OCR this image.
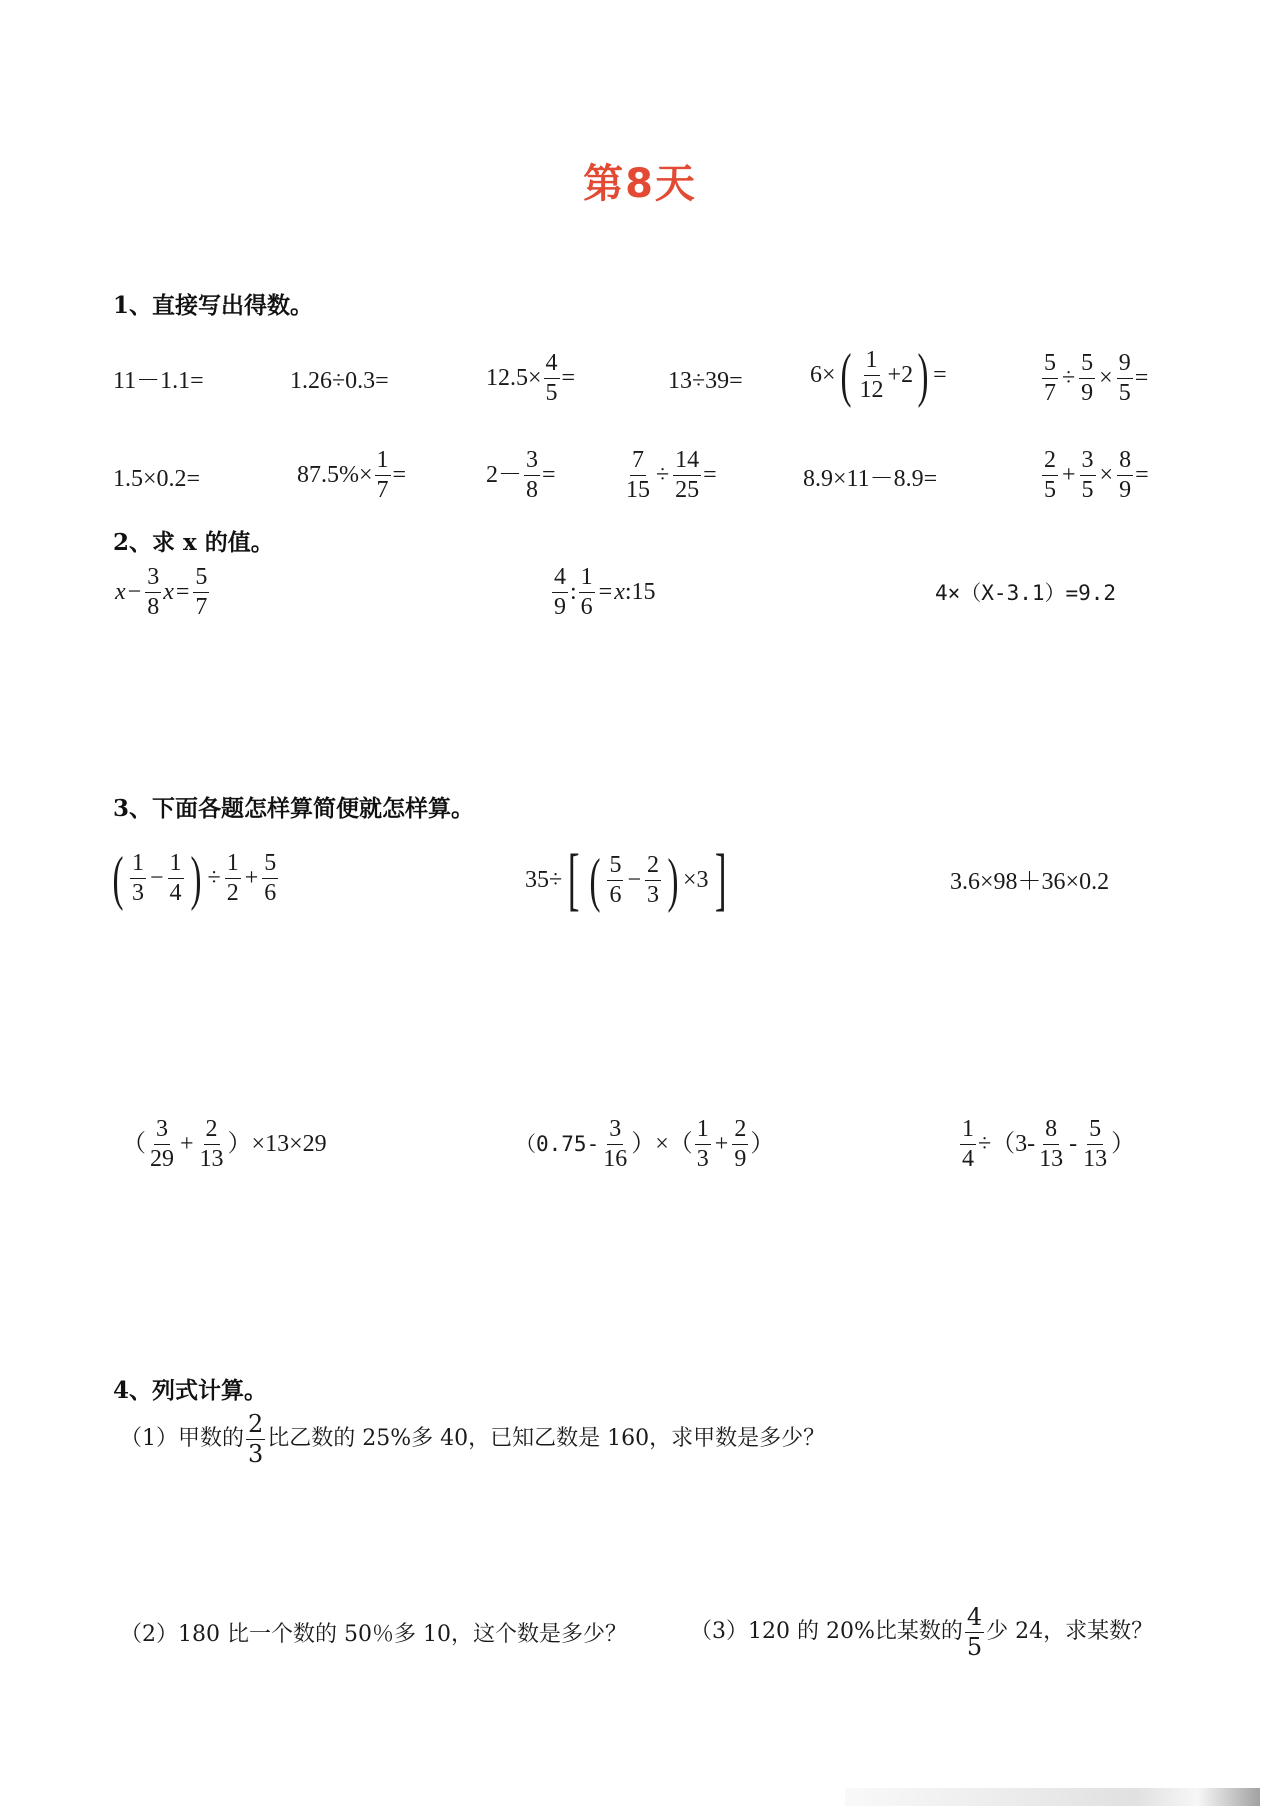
第8天
1、直接写出得数。
11－1.1=	1.26÷0.3=	$12.5\times \frac{4}{5}$ =	13÷39=	6× ( $\frac{1}{12} +2$ ) =	$\frac{5}{7} \div \frac{5}{9} \times \frac{9}{5}$ =
1.5×0.2=	$87.5\%\times \frac{1}{7}$ =	$2- \frac{3}{8}$ =	$\frac{7}{15} \div \frac{14}{25}$ =	8.9×11－8.9=	$\frac{2}{5} + \frac{3}{5} \times \frac{8}{9}$ =
2、求 x 的值。
$x - \frac{3}{8}$ $x = \frac{5}{7}$	$\frac{4}{9}$ : $\frac{1}{6} = x$ :15	4×（X-3.1）=9.2
3、下面各题怎样算简便就怎样算。
( $\frac{1}{3} - \frac{1}{4}$ ) ÷ $\frac{1}{2} + \frac{5}{6}$	35÷ [ ( $\frac{5}{6} - \frac{2}{3}$ ) ×3 ]	3.6×98＋36×0.2
（ $\frac{3}{29} + \frac{2}{13}$ ） ×13×29	（$0.75- \frac{3}{16}$ ）×（ $\frac{1}{3} + \frac{2}{9}$ ）	$\frac{1}{4} \div(3- \frac{8}{13} - \frac{5}{13}$ ）
4、列式计算。
（1）甲数的 $\frac{2}{3}$ 比乙数的 25%多 40，已知乙数是 160，求甲数是多少？
（2）180 比一个数的 50％多 10，这个数是多少？	（3）120 的 20%比某数的 $\frac{4}{5}$ 少 24，求某数？
